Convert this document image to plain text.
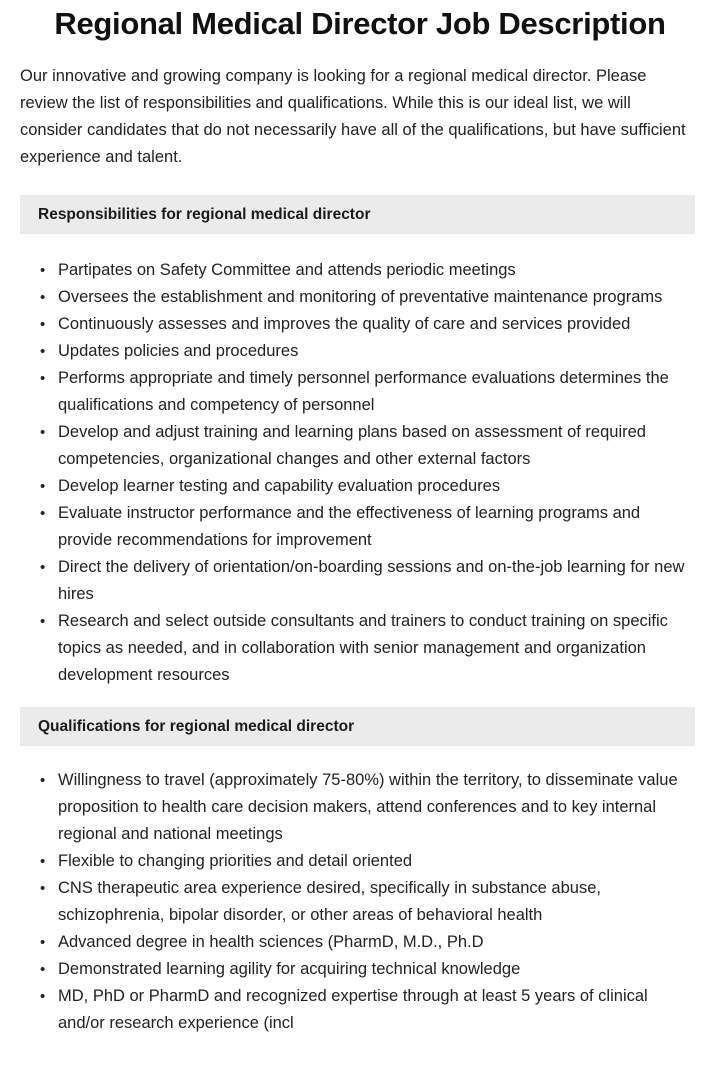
Regional Medical Director Job Description

Our innovative and growing company is looking for a regional medical director. Please review the list of responsibilities and qualifications. While this is our ideal list, we will consider candidates that do not necessarily have all of the qualifications, but have sufficient experience and talent.

Responsibilities for regional medical director
• Partipates on Safety Committee and attends periodic meetings
• Oversees the establishment and monitoring of preventative maintenance programs
• Continuously assesses and improves the quality of care and services provided
• Updates policies and procedures
• Performs appropriate and timely personnel performance evaluations determines the qualifications and competency of personnel
• Develop and adjust training and learning plans based on assessment of required competencies, organizational changes and other external factors
• Develop learner testing and capability evaluation procedures
• Evaluate instructor performance and the effectiveness of learning programs and provide recommendations for improvement
• Direct the delivery of orientation/on-boarding sessions and on-the-job learning for new hires
• Research and select outside consultants and trainers to conduct training on specific topics as needed, and in collaboration with senior management and organization development resources
Qualifications for regional medical director
• Willingness to travel (approximately 75-80%) within the territory, to disseminate value proposition to health care decision makers, attend conferences and to key internal regional and national meetings
• Flexible to changing priorities and detail oriented
• CNS therapeutic area experience desired, specifically in substance abuse, schizophrenia, bipolar disorder, or other areas of behavioral health
• Advanced degree in health sciences (PharmD, M.D., Ph.D
• Demonstrated learning agility for acquiring technical knowledge
• MD, PhD or PharmD and recognized expertise through at least 5 years of clinical and/or research experience (incl
